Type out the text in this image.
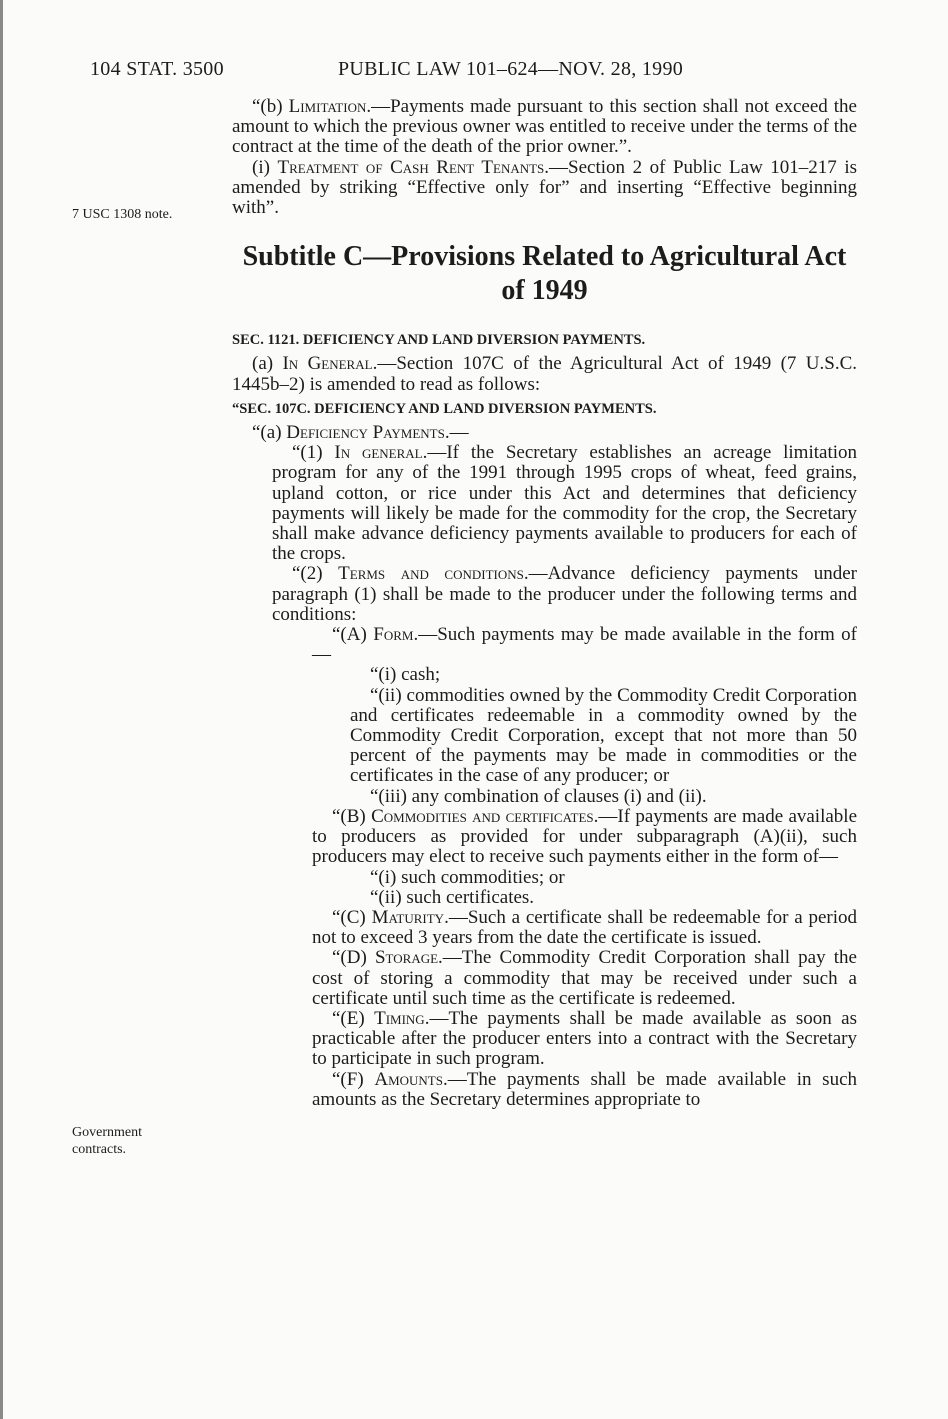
104 STAT. 3500	PUBLIC LAW 101–624—NOV. 28, 1990
7 USC 1308 note.
Government contracts.

“(b) Limitation.—Payments made pursuant to this section shall not exceed the amount to which the previous owner was entitled to receive under the terms of the contract at the time of the death of the prior owner.”.

(i) Treatment of Cash Rent Tenants.—Section 2 of Public Law 101–217 is amended by striking “Effective only for” and inserting “Effective beginning with”.

Subtitle C—Provisions Related to Agricultural Act of 1949
SEC. 1121. DEFICIENCY AND LAND DIVERSION PAYMENTS.

(a) In General.—Section 107C of the Agricultural Act of 1949 (7 U.S.C. 1445b–2) is amended to read as follows:

“SEC. 107C. DEFICIENCY AND LAND DIVERSION PAYMENTS.

“(a) Deficiency Payments.—

“(1) In general.—If the Secretary establishes an acreage limitation program for any of the 1991 through 1995 crops of wheat, feed grains, upland cotton, or rice under this Act and determines that deficiency payments will likely be made for the commodity for the crop, the Secretary shall make advance deficiency payments available to producers for each of the crops.

“(2) Terms and conditions.—Advance deficiency payments under paragraph (1) shall be made to the producer under the following terms and conditions:

“(A) Form.—Such payments may be made available in the form of—

“(i) cash;

“(ii) commodities owned by the Commodity Credit Corporation and certificates redeemable in a commodity owned by the Commodity Credit Corporation, except that not more than 50 percent of the payments may be made in commodities or the certificates in the case of any producer; or

“(iii) any combination of clauses (i) and (ii).

“(B) Commodities and certificates.—If payments are made available to producers as provided for under subparagraph (A)(ii), such producers may elect to receive such payments either in the form of—

“(i) such commodities; or

“(ii) such certificates.

“(C) Maturity.—Such a certificate shall be redeemable for a period not to exceed 3 years from the date the certificate is issued.

“(D) Storage.—The Commodity Credit Corporation shall pay the cost of storing a commodity that may be received under such a certificate until such time as the certificate is redeemed.

“(E) Timing.—The payments shall be made available as soon as practicable after the producer enters into a contract with the Secretary to participate in such program.

“(F) Amounts.—The payments shall be made available in such amounts as the Secretary determines appropriate to
